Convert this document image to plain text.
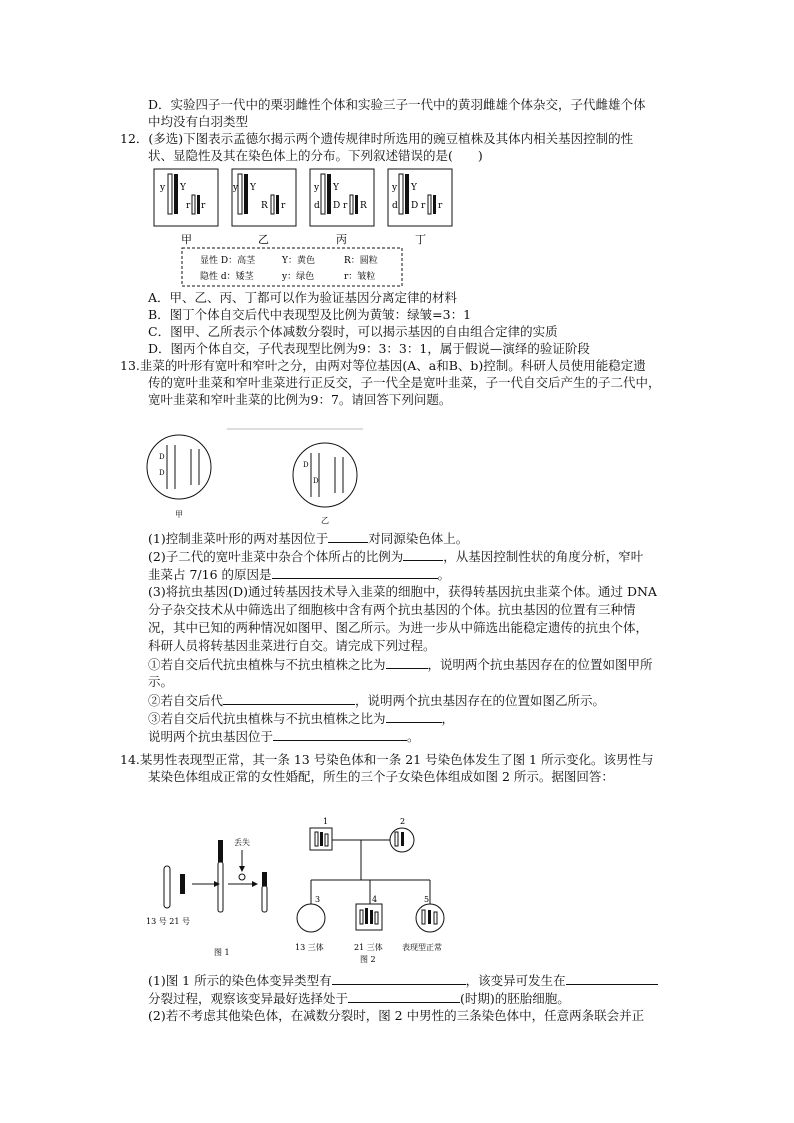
D．实验四子一代中的栗羽雌性个体和实验三子一代中的黄羽雌雄个体杂交，子代雌雄个体
中均没有白羽类型
12．(多选)下图表示孟德尔揭示两个遗传规律时所选用的豌豆植株及其体内相关基因控制的性
状、显隐性及其在染色体上的分布。下列叙述错误的是(　　)
y Y
r r
甲
y Y
R r
乙
y Y
d D r R
丙
y Y
d D r r
丁
显性 D：高茎	Y：黄色	R：圆粒
隐性 d：矮茎	y：绿色	r：皱粒
A．甲、乙、丙、丁都可以作为验证基因分离定律的材料
B．图丁个体自交后代中表现型及比例为黄皱：绿皱=3：1
C．图甲、乙所表示个体减数分裂时，可以揭示基因的自由组合定律的实质
D．图丙个体自交，子代表现型比例为9：3：3：1，属于假说—演绎的验证阶段
13.韭菜的叶形有宽叶和窄叶之分，由两对等位基因(A、a和B、b)控制。科研人员使用能稳定遗
传的宽叶韭菜和窄叶韭菜进行正反交，子一代全是宽叶韭菜，子一代自交后产生的子二代中，
宽叶韭菜和窄叶韭菜的比例为9：7。请回答下列问题。
D
D
甲
D
D
乙
(1)控制韭菜叶形的两对基因位于	对同源染色体上。
(2)子二代的宽叶韭菜中杂合个体所占的比例为	，从基因控制性状的角度分析，窄叶
韭菜占 7/16 的原因是	。
(3)将抗虫基因(D)通过转基因技术导入韭菜的细胞中，获得转基因抗虫韭菜个体。通过 DNA
分子杂交技术从中筛选出了细胞核中含有两个抗虫基因的个体。抗虫基因的位置有三种情
况，其中已知的两种情况如图甲、图乙所示。为进一步从中筛选出能稳定遗传的抗虫个体，
科研人员将转基因韭菜进行自交。请完成下列过程。
①若自交后代抗虫植株与不抗虫植株之比为	，说明两个抗虫基因存在的位置如图甲所
示。
②若自交后代	，说明两个抗虫基因存在的位置如图乙所示。
③若自交后代抗虫植株与不抗虫植株之比为	，
说明两个抗虫基因位于	。
14.某男性表现型正常，其一条 13 号染色体和一条 21 号染色体发生了图 1 所示变化。该男性与
某染色体组成正常的女性婚配，所生的三个子女染色体组成如图 2 所示。据图回答：
丢失
13 号 21 号
图 1
1	2
3	4	5
13 三体	21 三体 表现型正常
图 2
(1)图 1 所示的染色体变异类型有	，该变异可发生在
分裂过程，观察该变异最好选择处于	(时期)的胚胎细胞。
(2)若不考虑其他染色体，在减数分裂时，图 2 中男性的三条染色体中，任意两条联会并正
